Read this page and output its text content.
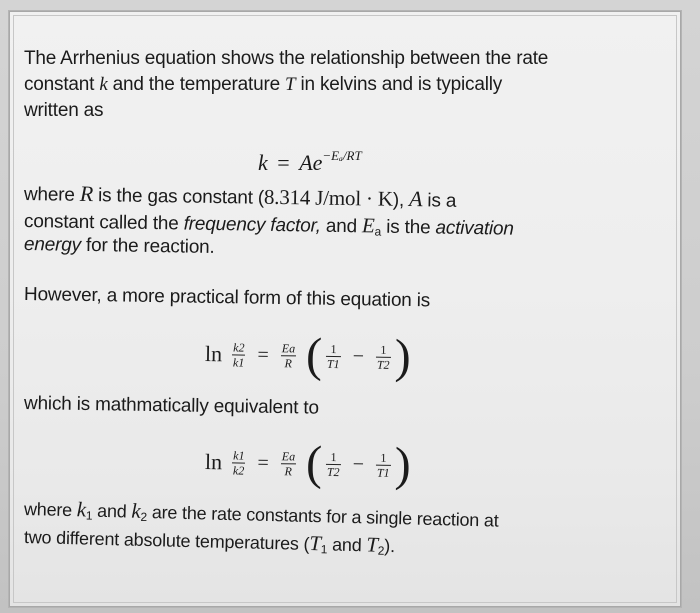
The Arrhenius equation shows the relationship between the rate
constant k and the temperature T in kelvins and is typically
written as
$k = Ae^{-E_a/RT}$
where R is the gas constant (8.314 J/mol · K), A is a
constant called the frequency factor, and $E_a$ is the activation
energy for the reaction.
However, a more practical form of this equation is
$\ln \frac{k2}{k1} = \frac{Ea}{R}$ ( $\frac{1}{T1} - \frac{1}{T2}$ )
which is mathmatically equivalent to
$\ln \frac{k1}{k2} = \frac{Ea}{R}$ ( $\frac{1}{T2} - \frac{1}{T1}$ )
where $k_1$ and $k_2$ are the rate constants for a single reaction at
two different absolute temperatures ($T_1$ and $T_2$).
